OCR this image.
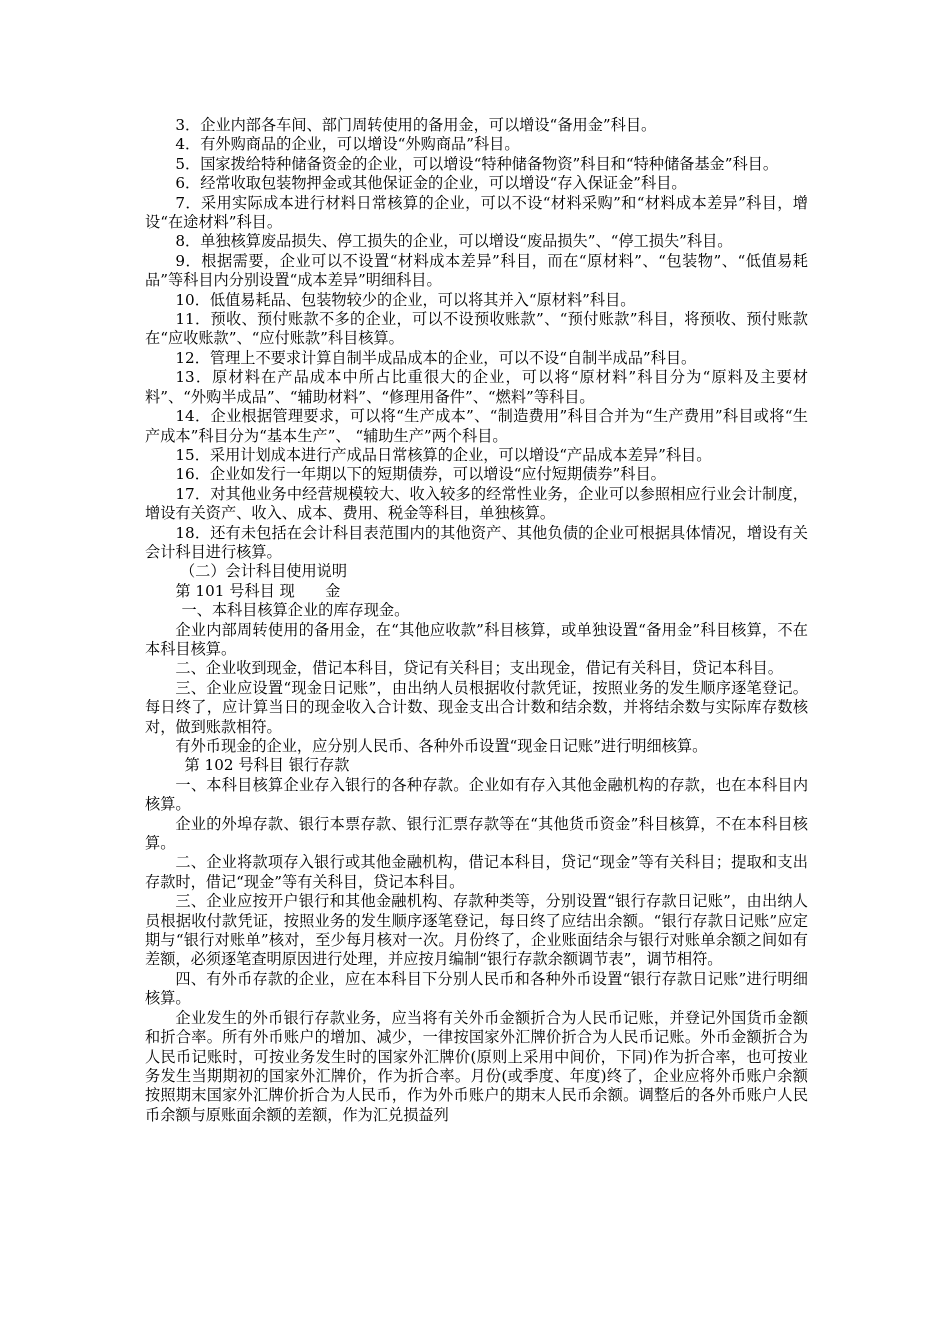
3．企业内部各车间、部门周转使用的备用金，可以增设“备用金”科目。

4．有外购商品的企业，可以增设“外购商品”科目。

5．国家拨给特种储备资金的企业，可以增设“特种储备物资”科目和“特种储备基金”科目。

6．经常收取包装物押金或其他保证金的企业，可以增设“存入保证金”科目。

7．采用实际成本进行材料日常核算的企业，可以不设“材料采购”和“材料成本差异”科目，增设“在途材料”科目。

8．单独核算废品损失、停工损失的企业，可以增设“废品损失”、“停工损失”科目。

9．根据需要，企业可以不设置“材料成本差异”科目，而在“原材料”、“包装物”、“低值易耗品”等科目内分别设置“成本差异”明细科目。

10．低值易耗品、包装物较少的企业，可以将其并入“原材料”科目。

11．预收、预付账款不多的企业，可以不设预收账款”、“预付账款”科目，将预收、预付账款在“应收账款”、“应付账款”科目核算。

12．管理上不要求计算自制半成品成本的企业，可以不设“自制半成品”科目。

13．原材料在产品成本中所占比重很大的企业，可以将“原材料”科目分为“原料及主要材料”、“外购半成品”、“辅助材料”、“修理用备件”、“燃料”等科目。

14．企业根据管理要求，可以将“生产成本”、“制造费用”科目合并为“生产费用”科目或将“生产成本”科目分为“基本生产”、 “辅助生产”两个科目。

15．采用计划成本进行产成品日常核算的企业，可以增设“产品成本差异”科目。

16．企业如发行一年期以下的短期债券，可以增设“应付短期债券”科目。

17．对其他业务中经营规模较大、收入较多的经常性业务，企业可以参照相应行业会计制度，增设有关资产、收入、成本、费用、税金等科目，单独核算。

18．还有未包括在会计科目表范围内的其他资产、其他负债的企业可根据具体情况，增设有关会计科目进行核算。

（二）会计科目使用说明

第 101 号科目 现　　金

一、本科目核算企业的库存现金。

企业内部周转使用的备用金，在“其他应收款”科目核算，或单独设置“备用金”科目核算，不在本科目核算。

二、企业收到现金，借记本科目，贷记有关科目；支出现金，借记有关科目，贷记本科目。

三、企业应设置“现金日记账”，由出纳人员根据收付款凭证，按照业务的发生顺序逐笔登记。每日终了，应计算当日的现金收入合计数、现金支出合计数和结余数，并将结余数与实际库存数核对，做到账款相符。

有外币现金的企业，应分别人民币、各种外币设置“现金日记账”进行明细核算。

第 102 号科目 银行存款

一、本科目核算企业存入银行的各种存款。企业如有存入其他金融机构的存款，也在本科目内核算。

企业的外埠存款、银行本票存款、银行汇票存款等在“其他货币资金”科目核算，不在本科目核算。

二、企业将款项存入银行或其他金融机构，借记本科目，贷记“现金”等有关科目；提取和支出存款时，借记“现金”等有关科目，贷记本科目。

三、企业应按开户银行和其他金融机构、存款种类等，分别设置“银行存款日记账”，由出纳人员根据收付款凭证，按照业务的发生顺序逐笔登记，每日终了应结出余额。“银行存款日记账”应定期与“银行对账单”核对，至少每月核对一次。月份终了，企业账面结余与银行对账单余额之间如有差额，必须逐笔查明原因进行处理，并应按月编制“银行存款余额调节表”，调节相符。

四、有外币存款的企业，应在本科目下分别人民币和各种外币设置“银行存款日记账”进行明细核算。

企业发生的外币银行存款业务，应当将有关外币金额折合为人民币记账，并登记外国货币金额和折合率。所有外币账户的增加、减少，一律按国家外汇牌价折合为人民币记账。外币金额折合为人民币记账时，可按业务发生时的国家外汇牌价(原则上采用中间价，下同)作为折合率，也可按业务发生当期期初的国家外汇牌价，作为折合率。月份(或季度、年度)终了，企业应将外币账户余额按照期末国家外汇牌价折合为人民币，作为外币账户的期末人民币余额。调整后的各外币账户人民币余额与原账面余额的差额，作为汇兑损益列
